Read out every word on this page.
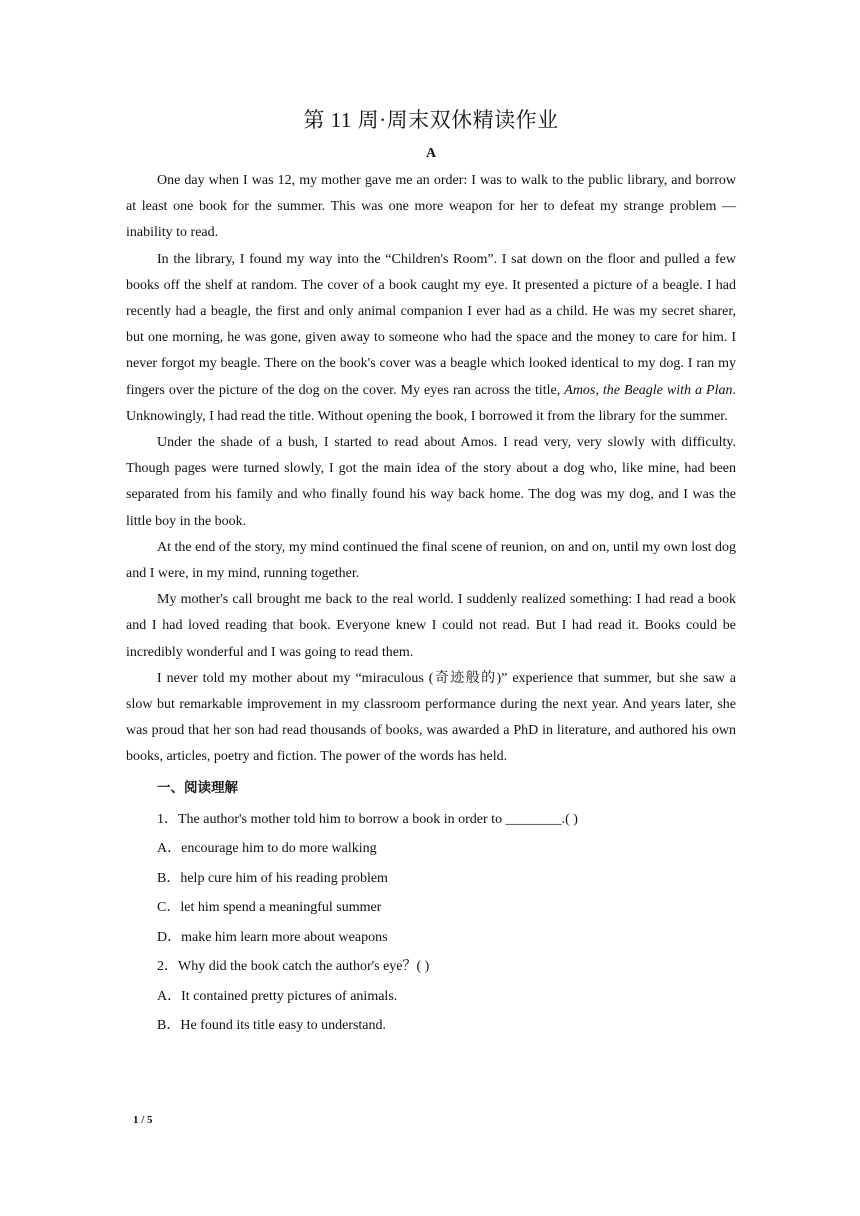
第 11 周·周末双休精读作业
A

One day when I was 12, my mother gave me an order: I was to walk to the public library, and borrow at least one book for the summer. This was one more weapon for her to defeat my strange problem — inability to read.

In the library, I found my way into the “Children's Room”. I sat down on the floor and pulled a few books off the shelf at random. The cover of a book caught my eye. It presented a picture of a beagle. I had recently had a beagle, the first and only animal companion I ever had as a child. He was my secret sharer, but one morning, he was gone, given away to someone who had the space and the money to care for him. I never forgot my beagle. There on the book's cover was a beagle which looked identical to my dog. I ran my fingers over the picture of the dog on the cover. My eyes ran across the title, Amos, the Beagle with a Plan. Unknowingly, I had read the title. Without opening the book, I borrowed it from the library for the summer.

Under the shade of a bush, I started to read about Amos. I read very, very slowly with difficulty. Though pages were turned slowly, I got the main idea of the story about a dog who, like mine, had been separated from his family and who finally found his way back home. The dog was my dog, and I was the little boy in the book.

At the end of the story, my mind continued the final scene of reunion, on and on, until my own lost dog and I were, in my mind, running together.

My mother's call brought me back to the real world. I suddenly realized something: I had read a book and I had loved reading that book. Everyone knew I could not read. But I had read it. Books could be incredibly wonderful and I was going to read them.

I never told my mother about my “miraculous (奇迹般的)” experience that summer, but she saw a slow but remarkable improvement in my classroom performance during the next year. And years later, she was proud that her son had read thousands of books, was awarded a PhD in literature, and authored his own books, articles, poetry and fiction. The power of the words has held.

一、阅读理解
1．The author's mother told him to borrow a book in order to ________.( )
A．encourage him to do more walking
B．help cure him of his reading problem
C．let him spend a meaningful summer
D．make him learn more about weapons
2．Why did the book catch the author's eye？( )
A．It contained pretty pictures of animals.
B．He found its title easy to understand.
1 / 5
